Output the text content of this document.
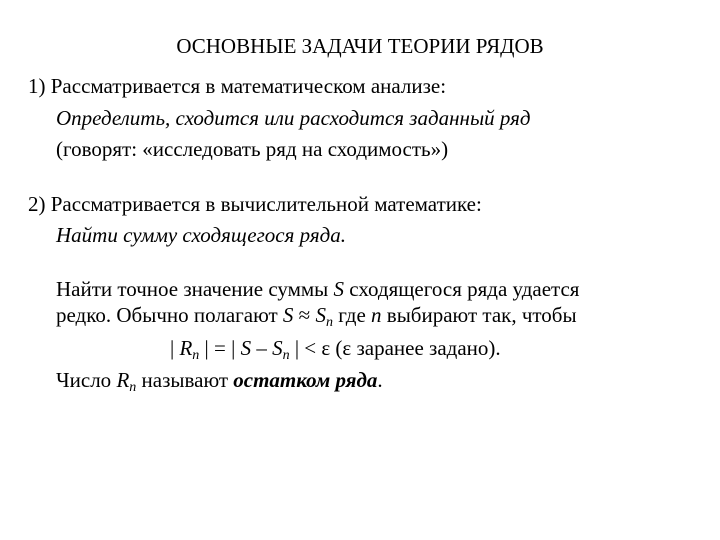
ОСНОВНЫЕ ЗАДАЧИ ТЕОРИИ РЯДОВ
1) Рассматривается в математическом анализе:
Определить, сходится или расходится заданный ряд
(говорят: «исследовать ряд на сходимость»)
2) Рассматривается в вычислительной математике:
Найти сумму сходящегося ряда.
Найти точное значение суммы S сходящегося ряда удается
редко. Обычно полагают $S \approx S_n$ где n выбирают так, чтобы
| $R_n$ | = | S – $S_n$ | < ε (ε заранее задано).
Число $R_n$ называют остатком ряда.
